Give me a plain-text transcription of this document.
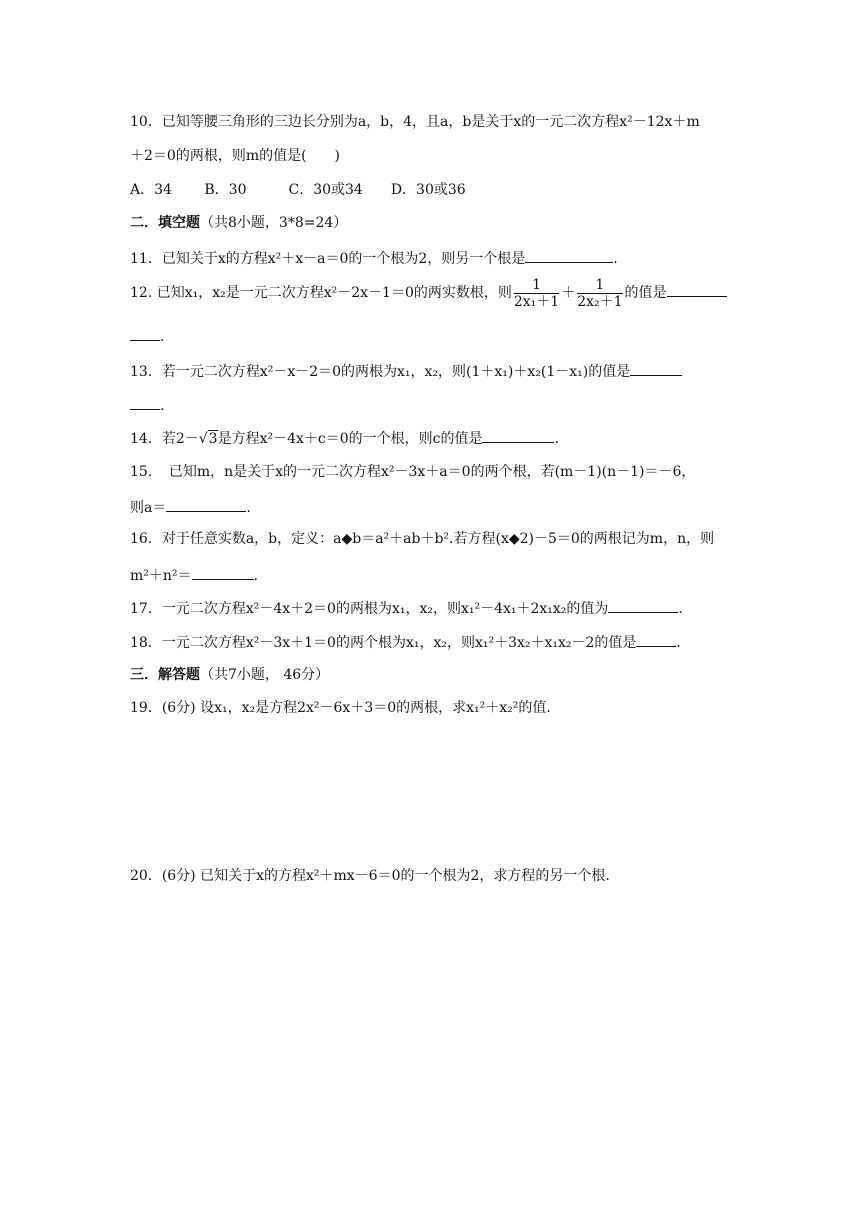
10．已知等腰三角形的三边长分别为a，b，4，且a，b是关于x的一元二次方程x²－12x＋m
＋2＝0的两根，则m的值是(　　)
A．34　　 B．30　　　C．30或34　　D．30或36
二．填空题（共8小题，3*8=24）
11．已知关于x的方程x²＋x－a＝0的一个根为2，则另一个根是	.
12. 已知x₁，x₂是一元二次方程x²－2x－1＝0的两实数根，则 $\frac{1}{\text{2x₁＋1}} + \frac{1}{\text{2x₂＋1}}$ 的值是
.
13．若一元二次方程x²－x－2＝0的两根为x₁，x₂，则(1＋x₁)＋x₂(1－x₁)的值是
.
14．若2－√3是方程x²－4x＋c＝0的一个根，则c的值是	.
15．　已知m，n是关于x的一元二次方程x²－3x＋a＝0的两个根，若(m－1)(n－1)＝－6，
则a＝	.
16．对于任意实数a，b，定义：a◆b＝a²＋ab＋b².若方程(x◆2)－5＝0的两根记为m，n，则
m²＋n²＝	.
17．一元二次方程x²－4x＋2＝0的两根为x₁，x₂，则x₁²－4x₁＋2x₁x₂的值为	.
18．一元二次方程x²－3x＋1＝0的两个根为x₁，x₂，则x₁²＋3x₂＋x₁x₂－2的值是	.
三．解答题（共7小题， 46分）
19．(6分) 设x₁，x₂是方程2x²－6x＋3＝0的两根，求x₁²＋x₂²的值.
20．(6分) 已知关于x的方程x²＋mx－6＝0的一个根为2，求方程的另一个根.
